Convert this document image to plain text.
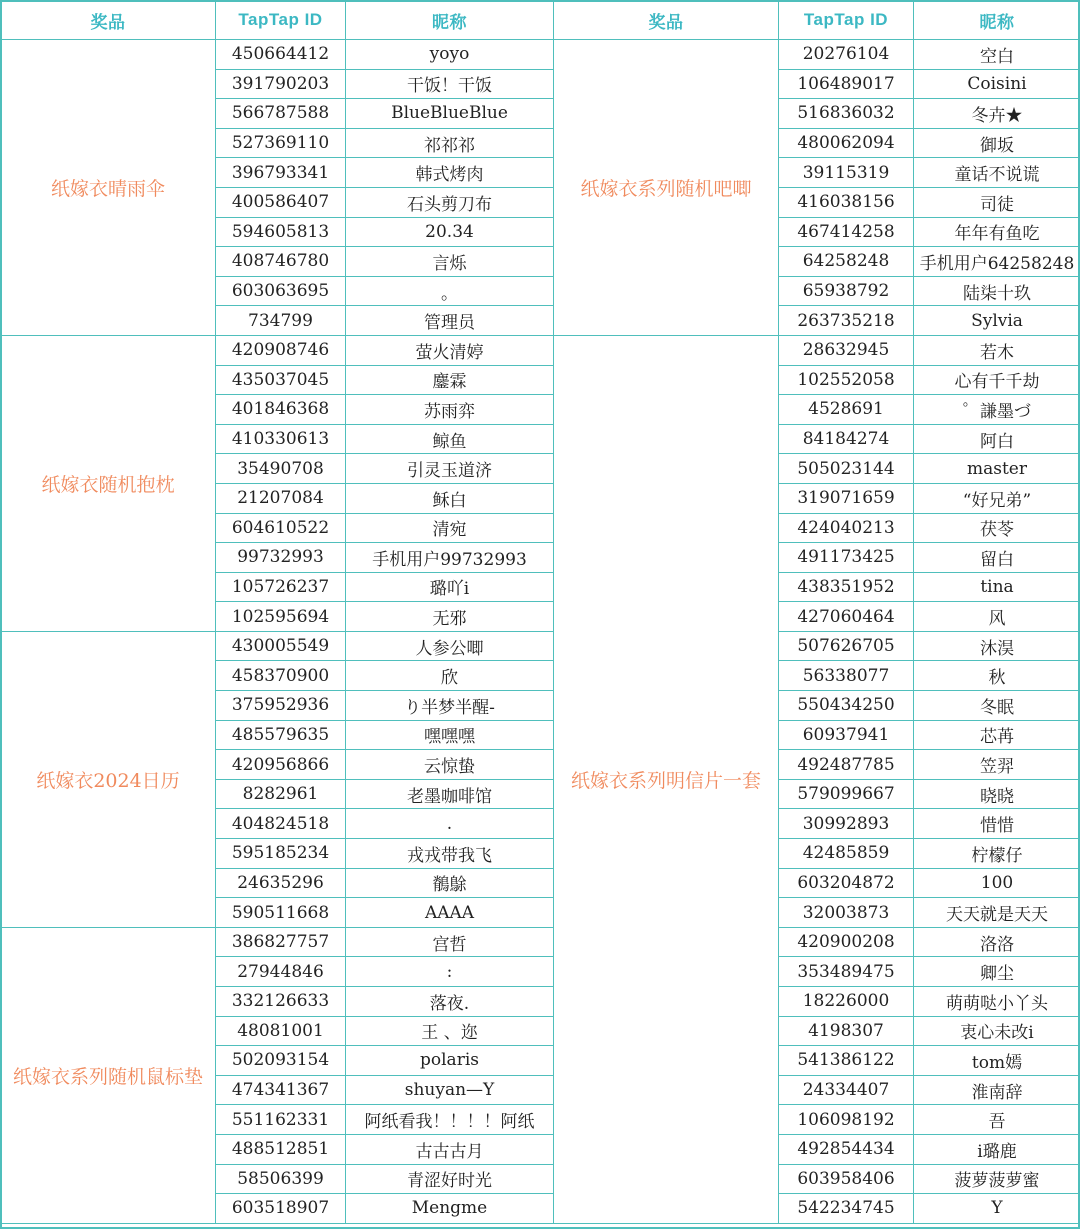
奖品	TapTap ID	昵称
纸嫁衣晴雨伞	450664412	yoyo
	391790203	干饭！干饭
	566787588	BlueBlueBlue
	527369110	祁祁祁
	396793341	韩式烤肉
	400586407	石头剪刀布
	594605813	20.34
	408746780	言烁
	603063695	。
	734799	管理员
纸嫁衣随机抱枕	420908746	萤火清婷
	435037045	鏖霖
	401846368	苏雨弈
	410330613	鲸鱼
	35490708	引灵玉道济
	21207084	稣白
	604610522	清宛
	99732993	手机用户99732993
	105726237	璐吖i
	102595694	无邪
纸嫁衣2024日历	430005549	人参公唧
	458370900	欣
	375952936	り半梦半醒-
	485579635	嘿嘿嘿
	420956866	云惊蛰
	8282961	老墨咖啡馆
	404824518	.
	595185234	戎戎带我飞
	24635296	鶺鵌
	590511668	AAAA
纸嫁衣系列随机鼠标垫	386827757	宫哲
	27944846	:
	332126633	落夜.
	48081001	王 、迩
	502093154	polaris
	474341367	shuyan—Y
	551162331	阿纸看我！！！！阿纸
	488512851	古古古月
	58506399	青涩好时光
	603518907	Mengme
奖品	TapTap ID	昵称
纸嫁衣系列随机吧唧	20276104	空白
	106489017	Coisini
	516836032	冬卉★
	480062094	御坂
	39115319	童话不说谎
	416038156	司徒
	467414258	年年有鱼吃
	64258248	手机用户64258248
	65938792	陆柒十玖
	263735218	Sylvia
纸嫁衣系列明信片一套	28632945	若木
	102552058	心有千千劫
	4528691	゜謙墨づ
	84184274	阿白
	505023144	master
	319071659	“好兄弟”
	424040213	茯苓
	491173425	留白
	438351952	tina
	427060464	风
	507626705	沐淏
	56338077	秋
	550434250	冬眠
	60937941	芯苒
	492487785	笠羿
	579099667	晓晓
	30992893	惜惜
	42485859	柠檬仔
	603204872	100
	32003873	天天就是天天
	420900208	洛洛
	353489475	卿尘
	18226000	萌萌哒小丫头
	4198307	衷心未改i
	541386122	tom嫣
	24334407	淮南辞
	106098192	吾
	492854434	i璐鹿
	603958406	菠萝菠萝蜜
	542234745	Y
